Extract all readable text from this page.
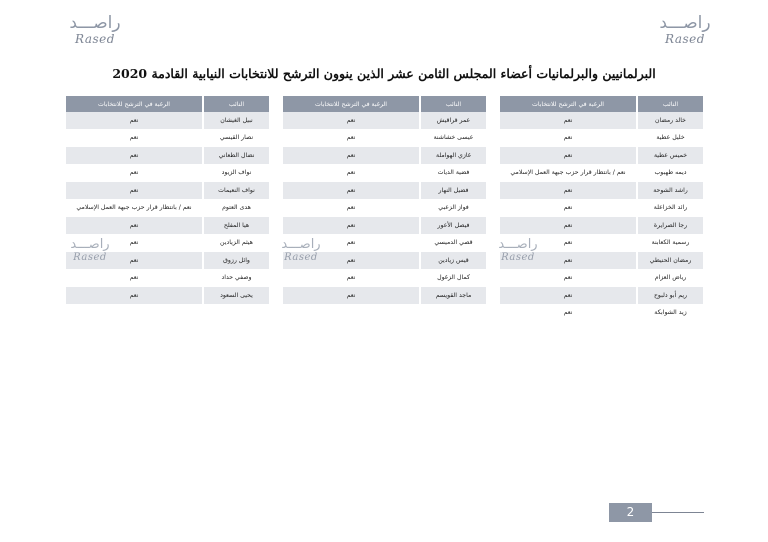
راصـــد
Rased
راصـــد
Rased
البرلمانيين والبرلمانيات أعضاء المجلس الثامن عشر الذين ينوون الترشح للانتخابات النيابية القادمة 2020
النائب	الرغبة في الترشح للانتخابات
خالد رمضان	نعم
خليل عطية	نعم
خميس عطية	نعم
ديمه طهبوب	نعم / بانتظار قرار حزب جبهة العمل الإسلامي
راشد الشوحة	نعم
رائد الخزاعلة	نعم
رجا الصرايرة	نعم
رسمية الكعابنة	نعم
رمضان الحنيطي	نعم
رياض العزام	نعم
ريم أبو دلبوح	نعم
زيد الشوابكة	نعم
النائب	الرغبة في الترشح للانتخابات
عمر قراقيش	نعم
عيسى خشاشنة	نعم
غازي الهواملة	نعم
فضية الديات	نعم
فضيل النهار	نعم
فواز الزعبي	نعم
فيصل الأعور	نعم
قصي الدميسي	نعم
قيس زيادين	نعم
كمال الزغول	نعم
ماجد القويسم	نعم

النائب	الرغبة في الترشح للانتخابات
نبيل الغيشان	نعم
نصار القيسي	نعم
نضال الطعاني	نعم
نواف الزيود	نعم
نواف النعيمات	نعم
هدى العتوم	نعم / بانتظار قرار حزب جبهة العمل الإسلامي
هيا المفلح	نعم
هيثم الزيادين	نعم
وائل رزوق	نعم
وصفي حداد	نعم
يحيى السعود	نعم

راصـــد
Rased
راصـــد
Rased
راصـــد
Rased
2
